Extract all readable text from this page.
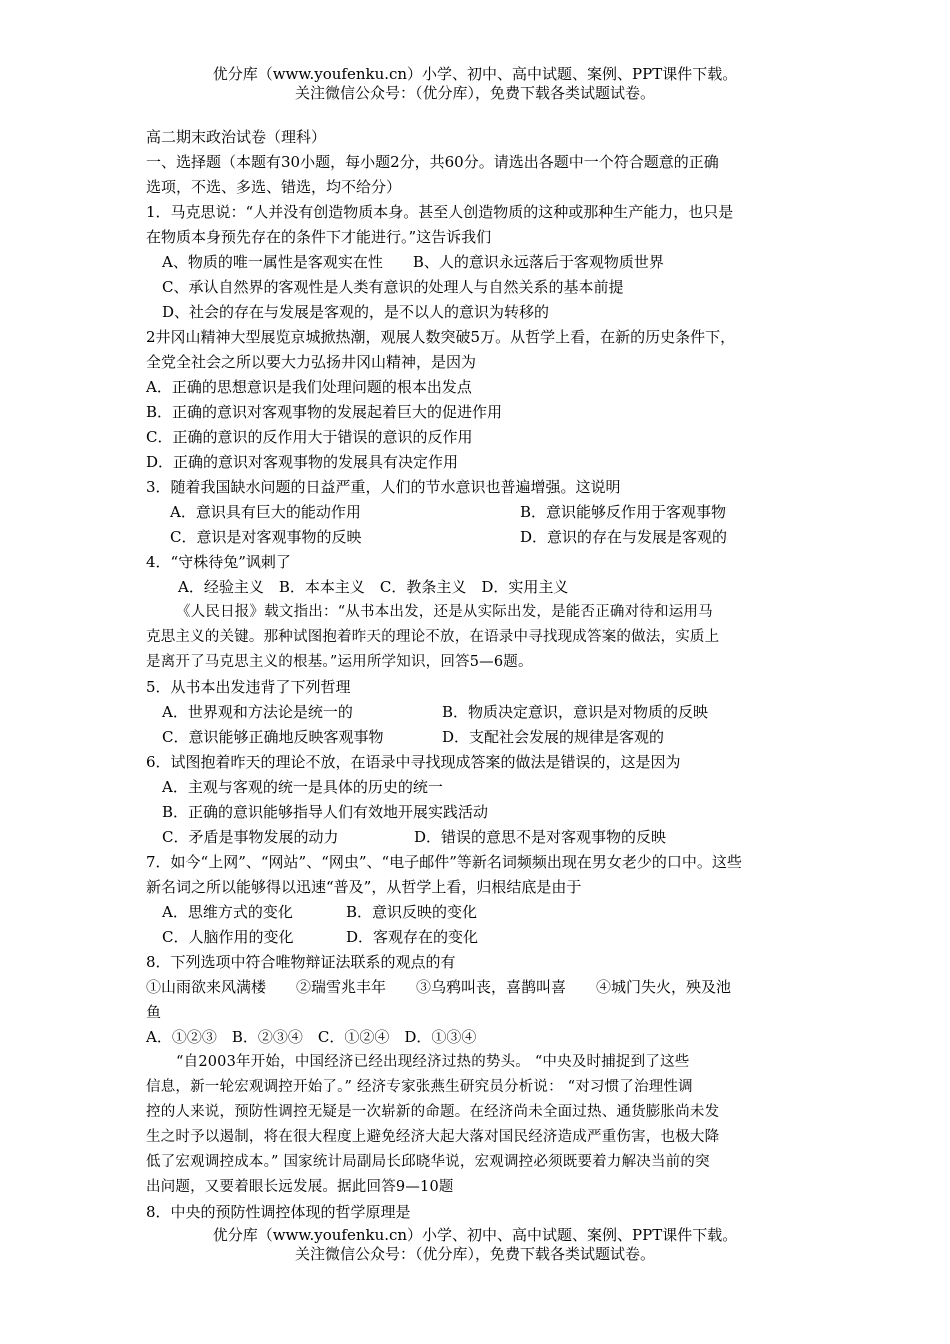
优分库（www.youfenku.cn）小学、初中、高中试题、案例、PPT课件下载。
关注微信公众号：（优分库），免费下载各类试题试卷。
高二期末政治试卷（理科）
一、选择题（本题有30小题，每小题2分，共60分。请选出各题中一个符合题意的正确
选项，不选、多选、错选，均不给分）
1．马克思说：“人并没有创造物质本身。甚至人创造物质的这种或那种生产能力，也只是
在物质本身预先存在的条件下才能进行。”这告诉我们
A、物质的唯一属性是客观实在性　　 B、人的意识永远落后于客观物质世界
C、承认自然界的客观性是人类有意识的处理人与自然关系的基本前提
D、社会的存在与发展是客观的，是不以人的意识为转移的
2井冈山精神大型展览京城掀热潮，观展人数突破5万。从哲学上看，在新的历史条件下，
全党全社会之所以要大力弘扬井冈山精神，是因为
A．正确的思想意识是我们处理问题的根本出发点
B．正确的意识对客观事物的发展起着巨大的促进作用
C．正确的意识的反作用大于错误的意识的反作用
D．正确的意识对客观事物的发展具有决定作用
3．随着我国缺水问题的日益严重，人们的节水意识也普遍增强。这说明
A．意识具有巨大的能动作用	B．意识能够反作用于客观事物
C．意识是对客观事物的反映	D．意识的存在与发展是客观的
4．“守株待兔”讽刺了
A．经验主义　B．本本主义　C．教条主义　D．实用主义
《人民日报》载文指出：“从书本出发，还是从实际出发，是能否正确对待和运用马
克思主义的关键。那种试图抱着昨天的理论不放，在语录中寻找现成答案的做法，实质上
是离开了马克思主义的根基。”运用所学知识，回答5—6题。
5．从书本出发违背了下列哲理
A．世界观和方法论是统一的	B．物质决定意识，意识是对物质的反映
C．意识能够正确地反映客观事物	D．支配社会发展的规律是客观的
6．试图抱着昨天的理论不放，在语录中寻找现成答案的做法是错误的，这是因为
A．主观与客观的统一是具体的历史的统一
B．正确的意识能够指导人们有效地开展实践活动
C．矛盾是事物发展的动力	D．错误的意思不是对客观事物的反映
7．如今“上网”、“网站”、“网虫”、“电子邮件”等新名词频频出现在男女老少的口中。这些
新名词之所以能够得以迅速“普及”，从哲学上看，归根结底是由于
A．思维方式的变化	B．意识反映的变化
C．人脑作用的变化	D．客观存在的变化
8．下列选项中符合唯物辩证法联系的观点的有
①山雨欲来风满楼　　②瑞雪兆丰年　　③乌鸦叫丧，喜鹊叫喜　　④城门失火，殃及池
鱼
A．①②③　B．②③④　C．①②④　D．①③④
“自2003年开始，中国经济已经出现经济过热的势头。 “中央及时捕捉到了这些
信息，新一轮宏观调控开始了。” 经济专家张燕生研究员分析说： “对习惯了治理性调
控的人来说，预防性调控无疑是一次崭新的命题。在经济尚未全面过热、通货膨胀尚未发
生之时予以遏制，将在很大程度上避免经济大起大落对国民经济造成严重伤害，也极大降
低了宏观调控成本。” 国家统计局副局长邱晓华说，宏观调控必须既要着力解决当前的突
出问题，又要着眼长远发展。据此回答9—10题
8．中央的预防性调控体现的哲学原理是
优分库（www.youfenku.cn）小学、初中、高中试题、案例、PPT课件下载。
关注微信公众号：（优分库），免费下载各类试题试卷。
